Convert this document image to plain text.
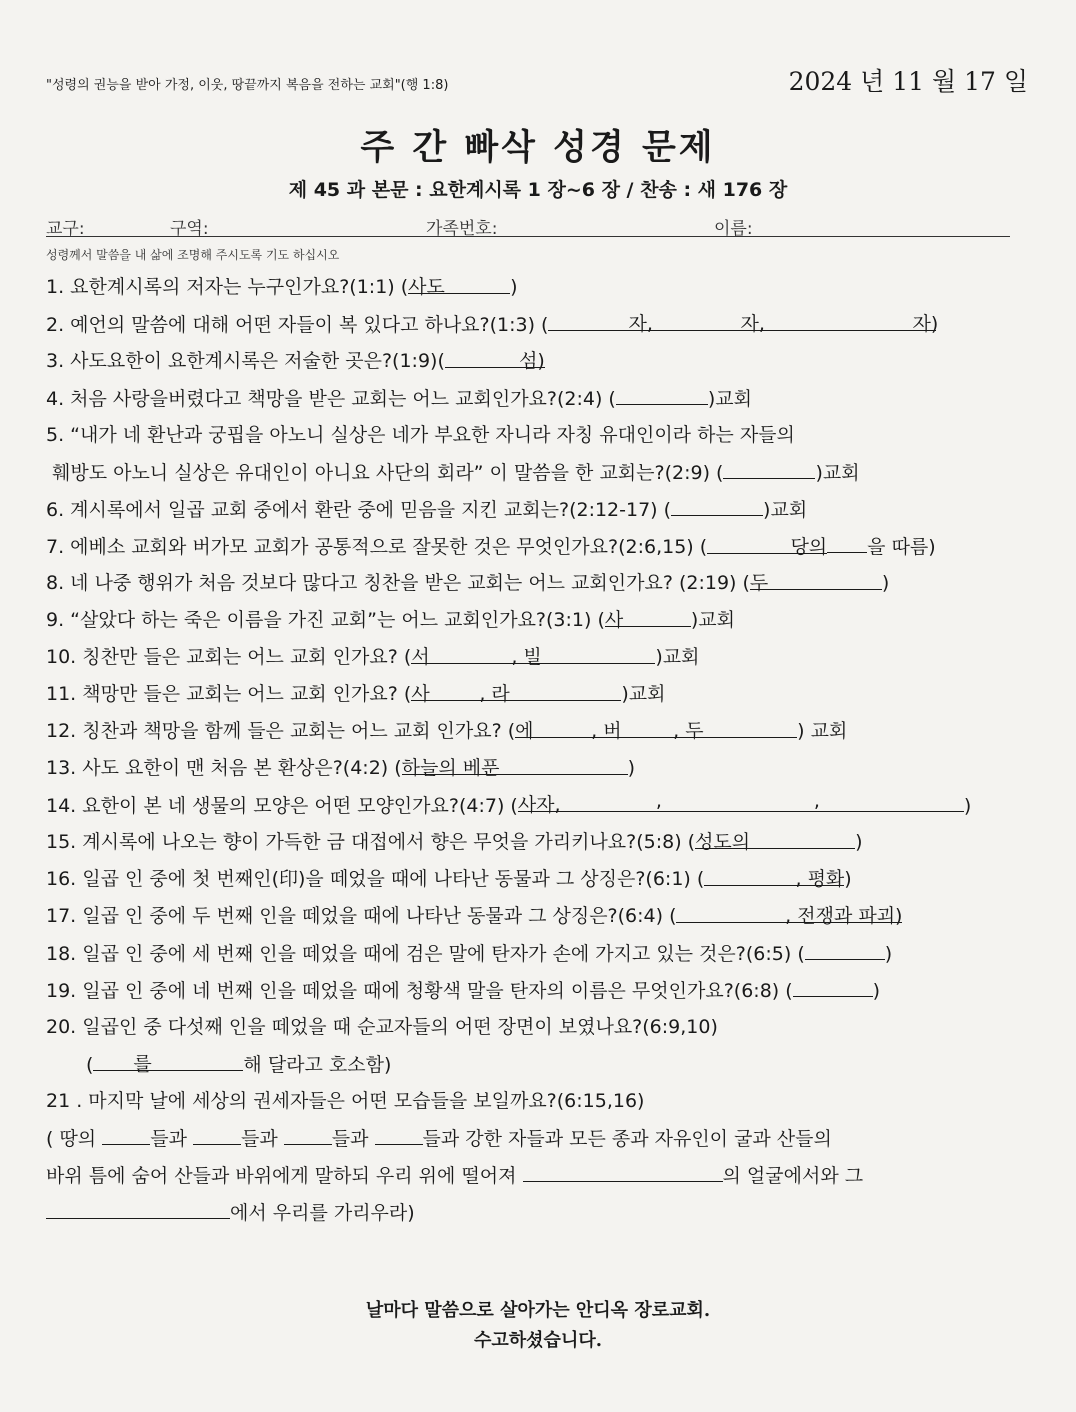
"성령의 권능을 받아 가정, 이웃, 땅끝까지 복음을 전하는 교회"(행 1:8)	2024 년 11 월 17 일
주 간 빠삭 성경 문제
제 45 과 본문 : 요한계시록 1 장~6 장 / 찬송 : 새 176 장
교구:	구역:	가족번호:	이름:
성령께서 말씀을 내 삶에 조명해 주시도록 기도 하십시오
1. 요한계시록의 저자는 누구인가요?(1:1) (사도	)
2. 예언의 말씀에 대해 어떤 자들이 복 있다고 하나요?(1:3) (	자,	자,	자)
3. 사도요한이 요한계시록은 저술한 곳은?(1:9)(	섬)
4. 처음 사랑을버렸다고 책망을 받은 교회는 어느 교회인가요?(2:4) (	)교회
5. “내가 네 환난과 궁핍을 아노니 실상은 네가 부요한 자니라 자칭 유대인이라 하는 자들의
훼방도 아노니 실상은 유대인이 아니요 사단의 회라” 이 말씀을 한 교회는?(2:9) (	)교회
6. 계시록에서 일곱 교회 중에서 환란 중에 믿음을 지킨 교회는?(2:12-17) (	)교회
7. 에베소 교회와 버가모 교회가 공통적으로 잘못한 것은 무엇인가요?(2:6,15) (	당의 을 따름)
8. 네 나중 행위가 처음 것보다 많다고 칭찬을 받은 교회는 어느 교회인가요? (2:19) (두	)
9. “살았다 하는 죽은 이름을 가진 교회”는 어느 교회인가요?(3:1) (사	)교회
10. 칭찬만 들은 교회는 어느 교회 인가요? (서	, 빌	)교회
11. 책망만 들은 교회는 어느 교회 인가요? (사	, 라	)교회
12. 칭찬과 책망을 함께 들은 교회는 어느 교회 인가요? (에	, 버	, 두	) 교회
13. 사도 요한이 맨 처음 본 환상은?(4:2) (하늘의 베푼	)
14. 요한이 본 네 생물의 모양은 어떤 모양인가요?(4:7) ( 사자,	,	,	)
15. 계시록에 나오는 향이 가득한 금 대접에서 향은 무엇을 가리키나요?(5:8) (성도의	)
16. 일곱 인 중에 첫 번째인(印)을 떼었을 때에 나타난 동물과 그 상징은?(6:1) (	, 평화)
17. 일곱 인 중에 두 번째 인을 떼었을 때에 나타난 동물과 그 상징은?(6:4) (	, 전쟁과 파괴)
18. 일곱 인 중에 세 번째 인을 떼었을 때에 검은 말에 탄자가 손에 가지고 있는 것은?(6:5) (	)
19. 일곱 인 중에 네 번째 인을 떼었을 때에 청황색 말을 탄자의 이름은 무엇인가요?(6:8) (	)
20. 일곱인 중 다섯째 인을 떼었을 때 순교자들의 어떤 장면이 보였나요?(6:9,10)
( 를	해 달라고 호소함)
21 . 마지막 날에 세상의 권세자들은 어떤 모습들을 보일까요?(6:15,16)
( 땅의	들과	들과	들과	들과 강한 자들과 모든 종과 자유인이 굴과 산들의
바위 틈에 숨어 산들과 바위에게 말하되 우리 위에 떨어져	의 얼굴에서와 그
에서 우리를 가리우라)
날마다 말씀으로 살아가는 안디옥 장로교회.
수고하셨습니다.
